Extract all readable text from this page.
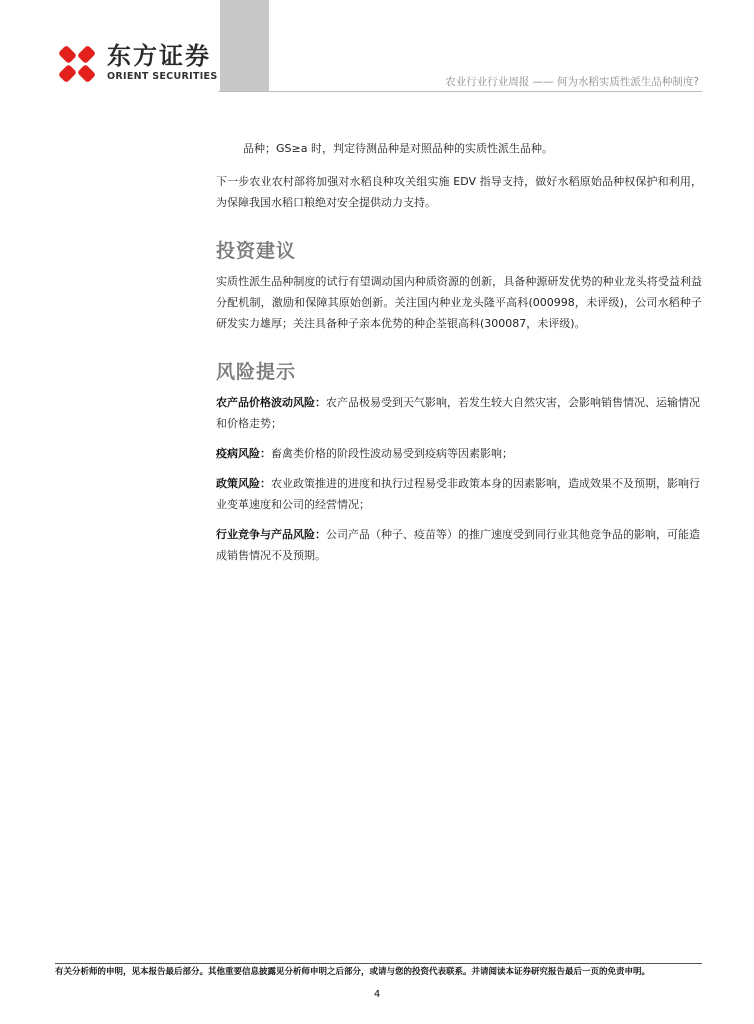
东方证券
ORIENT SECURITIES	农业行业行业周报 —— 何为水稻实质性派生品种制度?

品种；GS≥a 时，判定待测品种是对照品种的实质性派生品种。

下一步农业农村部将加强对水稻良种攻关组实施 EDV 指导支持，做好水稻原始品种权保护和利用，为保障我国水稻口粮绝对安全提供动力支持。

投资建议

实质性派生品种制度的试行有望调动国内种质资源的创新，具备种源研发优势的种业龙头将受益利益分配机制，激励和保障其原始创新。关注国内种业龙头隆平高科(000998，未评级)，公司水稻种子研发实力雄厚；关注具备种子亲本优势的种企荃银高科(300087，未评级)。

风险提示

农产品价格波动风险：农产品极易受到天气影响，若发生较大自然灾害，会影响销售情况、运输情况和价格走势；

疫病风险：畜禽类价格的阶段性波动易受到疫病等因素影响；

政策风险：农业政策推进的进度和执行过程易受非政策本身的因素影响，造成效果不及预期，影响行业变革速度和公司的经营情况；

行业竞争与产品风险：公司产品（种子、疫苗等）的推广速度受到同行业其他竞争品的影响，可能造成销售情况不及预期。

有关分析师的申明，见本报告最后部分。其他重要信息披露见分析师申明之后部分，或请与您的投资代表联系。并请阅读本证券研究报告最后一页的免责申明。
4
